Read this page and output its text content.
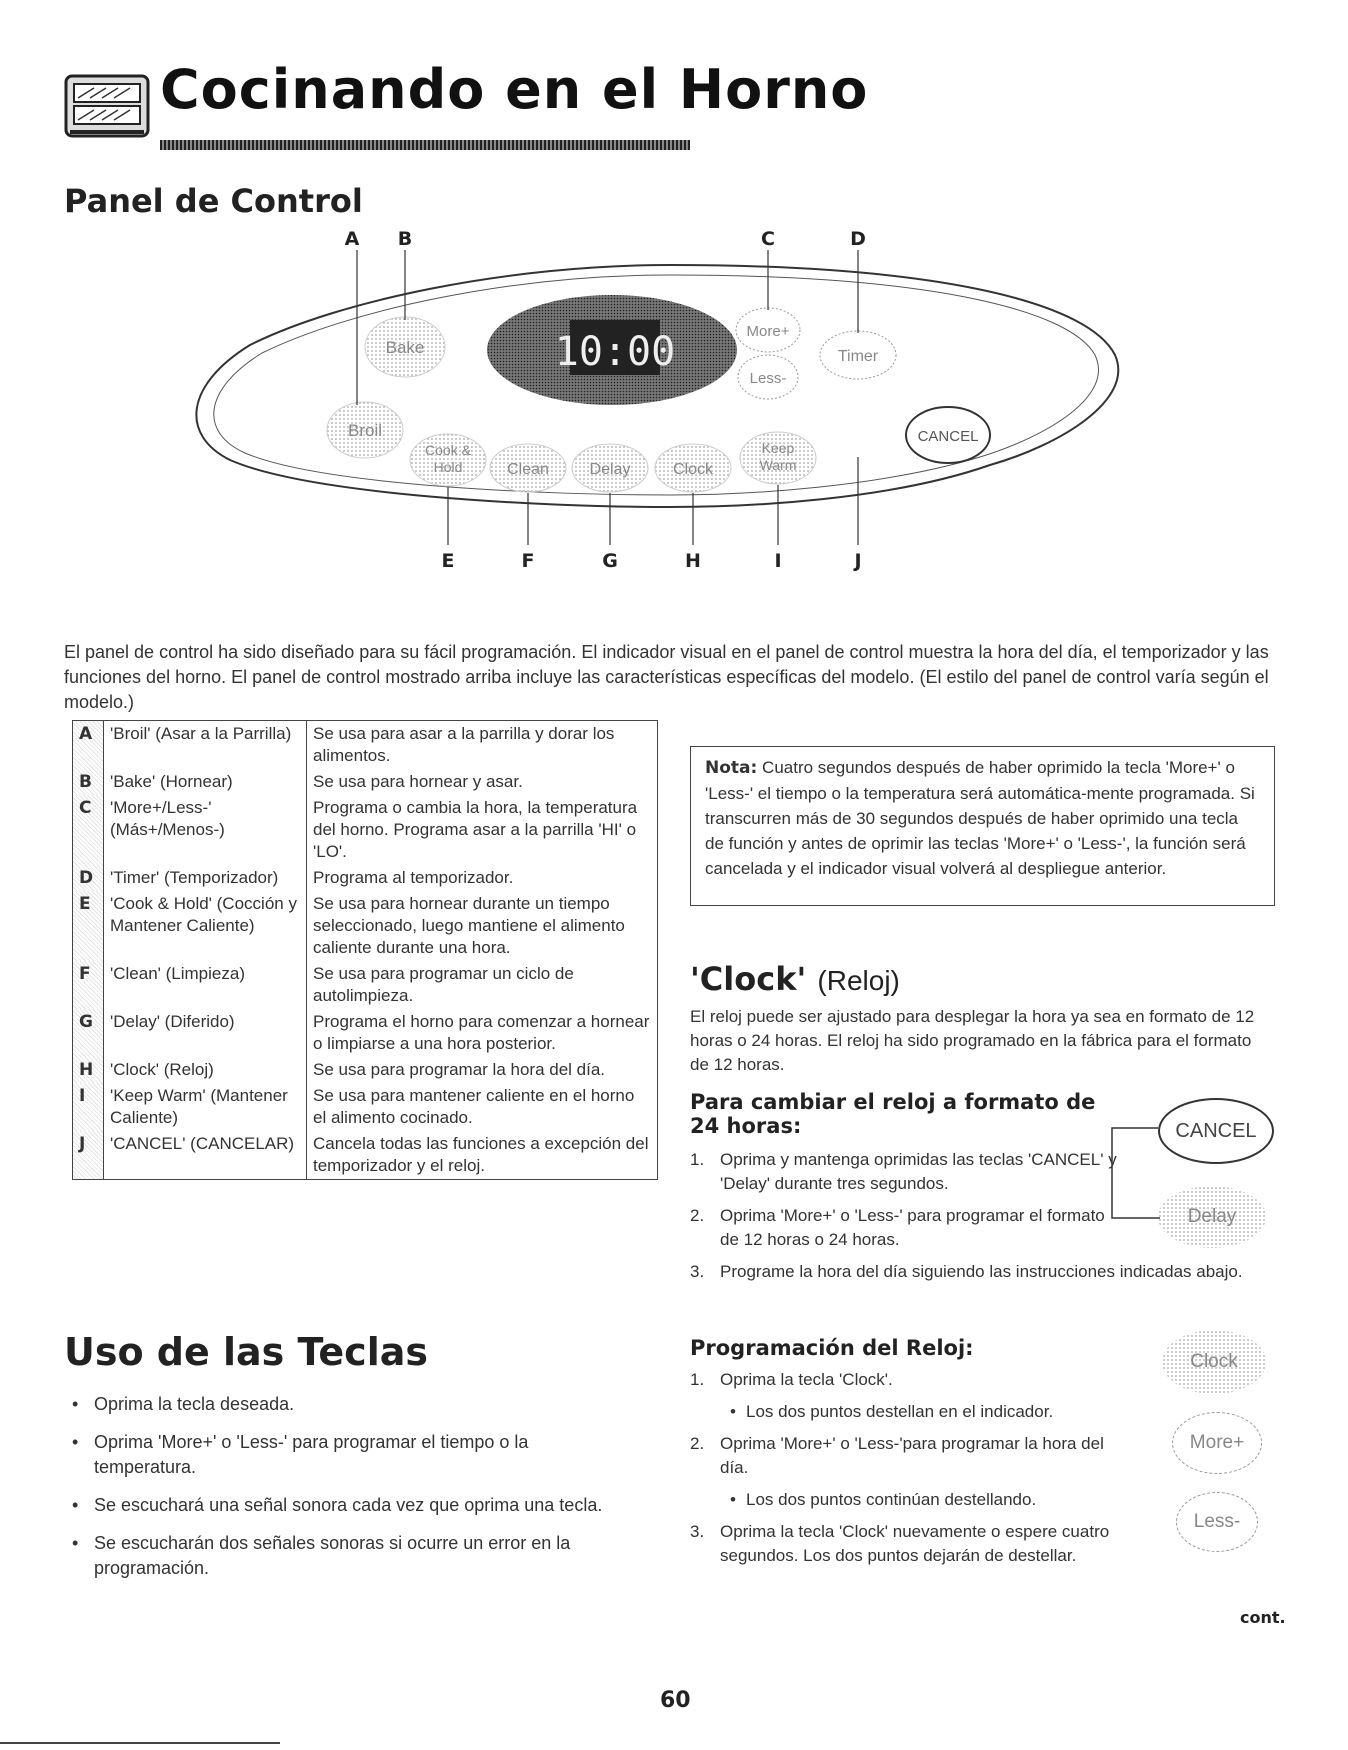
Cocinando en el Horno
Panel de Control
10:00
Bake
Broil
More+
Less-
Timer
CANCEL
Cook &
Hold	Clean	Delay	Clock
Keep
Warm
A B	C	D
E	F	G	H	I	J
El panel de control ha sido diseñado para su fácil programación. El indicador visual en el panel de control muestra la hora del día, el temporizador y las funciones del horno. El panel de control mostrado arriba incluye las características específicas del modelo. (El estilo del panel de control varía según el modelo.)
A	'Broil' (Asar a la Parrilla)	Se usa para asar a la parrilla y dorar los alimentos.
B	'Bake' (Hornear)	Se usa para hornear y asar.
C	'More+/Less-' (Más+/Menos-)	Programa o cambia la hora, la temperatura del horno. Programa asar a la parrilla 'HI' o 'LO'.
D	'Timer' (Temporizador)	Programa al temporizador.
E	'Cook & Hold' (Cocción y Mantener Caliente)	Se usa para hornear durante un tiempo seleccionado, luego mantiene el alimento caliente durante una hora.
F	'Clean' (Limpieza)	Se usa para programar un ciclo de autolimpieza.
G	'Delay' (Diferido)	Programa el horno para comenzar a hornear o limpiarse a una hora posterior.
H	'Clock' (Reloj)	Se usa para programar la hora del día.
I	'Keep Warm' (Mantener Caliente)	Se usa para mantener caliente en el horno el alimento cocinado.
J	'CANCEL' (CANCELAR)	Cancela todas las funciones a excepción del temporizador y el reloj.
Nota: Cuatro segundos después de haber oprimido la tecla 'More+' o 'Less-' el tiempo o la temperatura será automática-mente programada. Si transcurren más de 30 segundos después de haber oprimido una tecla de función y antes de oprimir las teclas 'More+' o 'Less-', la función será cancelada y el indicador visual volverá al despliegue anterior.
Uso de las Teclas
• Oprima la tecla deseada.
• Oprima 'More+' o 'Less-' para programar el tiempo o la temperatura.
• Se escuchará una señal sonora cada vez que oprima una tecla.
• Se escucharán dos señales sonoras si ocurre un error en la programación.
'Clock' (Reloj)
El reloj puede ser ajustado para desplegar la hora ya sea en formato de 12 horas o 24 horas. El reloj ha sido programado en la fábrica para el formato de 12 horas.
Para cambiar el reloj a formato de 24 horas:
1. Oprima y mantenga oprimidas las teclas 'CANCEL' y 'Delay' durante tres segundos.
2. Oprima 'More+' o 'Less-' para programar el formato de 12 horas o 24 horas.
3. Programe la hora del día siguiendo las instrucciones indicadas abajo.
CANCEL
Delay
Programación del Reloj:
1. Oprima la tecla 'Clock'.
• Los dos puntos destellan en el indicador.
2. Oprima 'More+' o 'Less-'para programar la hora del día.
• Los dos puntos continúan destellando.
3. Oprima la tecla 'Clock' nuevamente o espere cuatro segundos. Los dos puntos dejarán de destellar.
Clock
More+
Less-
cont.
60
